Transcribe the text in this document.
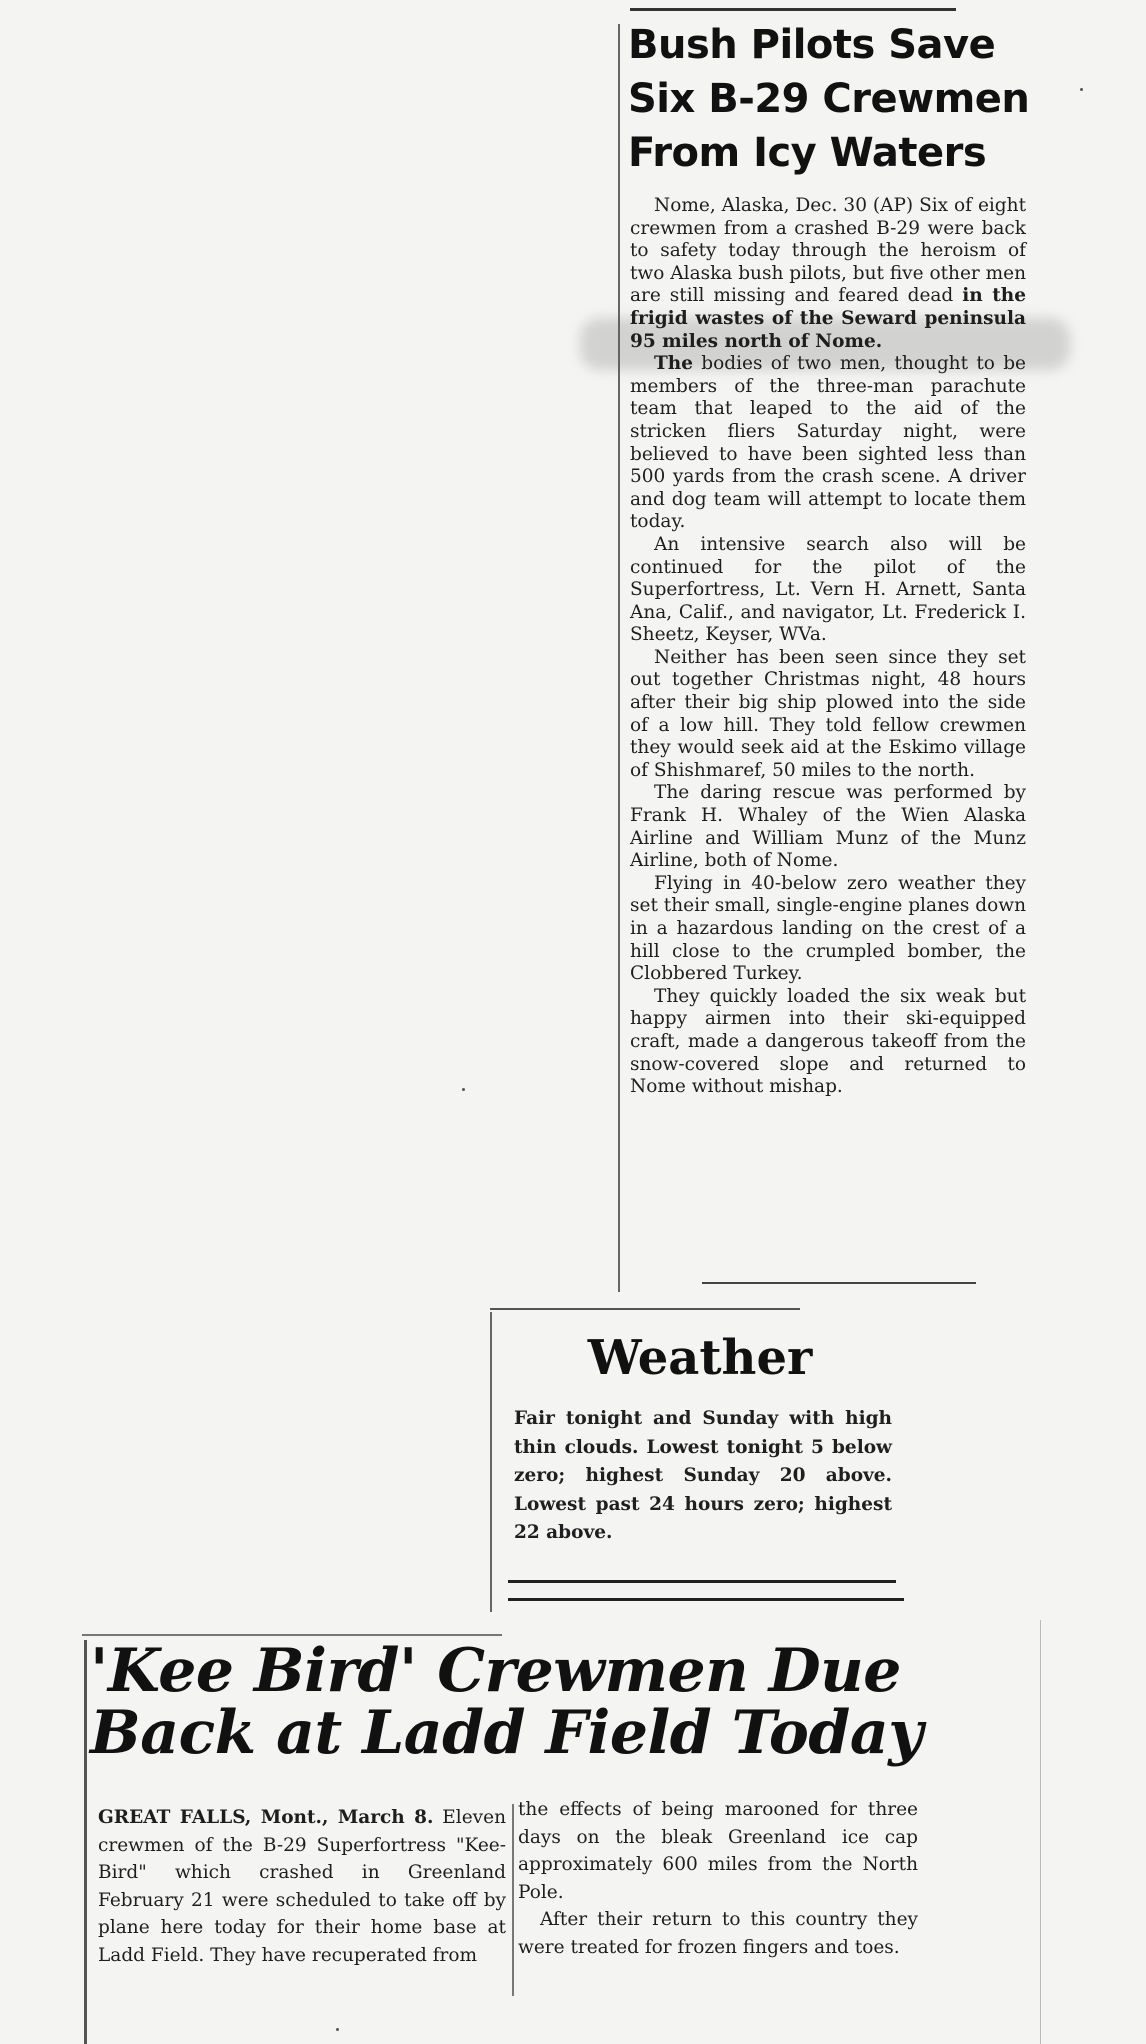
Bush Pilots Save
Six B-29 Crewmen
From Icy Waters

Nome, Alaska, Dec. 30 (AP) Six of eight crewmen from a crashed B-29 were back to safety today through the heroism of two Alaska bush pilots, but five other men are still missing and feared dead in the frigid wastes of the Seward peninsula 95 miles north of Nome.

The bodies of two men, thought to be members of the three-man parachute team that leaped to the aid of the stricken fliers Saturday night, were believed to have been sighted less than 500 yards from the crash scene. A driver and dog team will attempt to locate them today.

An intensive search also will be continued for the pilot of the Superfortress, Lt. Vern H. Arnett, Santa Ana, Calif., and navigator, Lt. Frederick I. Sheetz, Keyser, WVa.

Neither has been seen since they set out together Christmas night, 48 hours after their big ship plowed into the side of a low hill. They told fellow crewmen they would seek aid at the Eskimo village of Shishmaref, 50 miles to the north.

The daring rescue was performed by Frank H. Whaley of the Wien Alaska Airline and William Munz of the Munz Airline, both of Nome.

Flying in 40-below zero weather they set their small, single-engine planes down in a hazardous landing on the crest of a hill close to the crumpled bomber, the Clobbered Turkey.

They quickly loaded the six weak but happy airmen into their ski-equipped craft, made a dangerous takeoff from the snow-covered slope and returned to Nome without mishap.

Weather
Fair tonight and Sunday with high thin clouds. Lowest tonight 5 below zero; highest Sunday 20 above. Lowest past 24 hours zero; highest 22 above.
'Kee Bird' Crewmen Due
Back at Ladd Field Today

GREAT FALLS, Mont., March 8. Eleven crewmen of the B-29 Superfortress "Kee-Bird" which crashed in Greenland February 21 were scheduled to take off by plane here today for their home base at Ladd Field. They have recuperated from

the effects of being marooned for three days on the bleak Greenland ice cap approximately 600 miles from the North Pole.

After their return to this country they were treated for frozen fingers and toes.
